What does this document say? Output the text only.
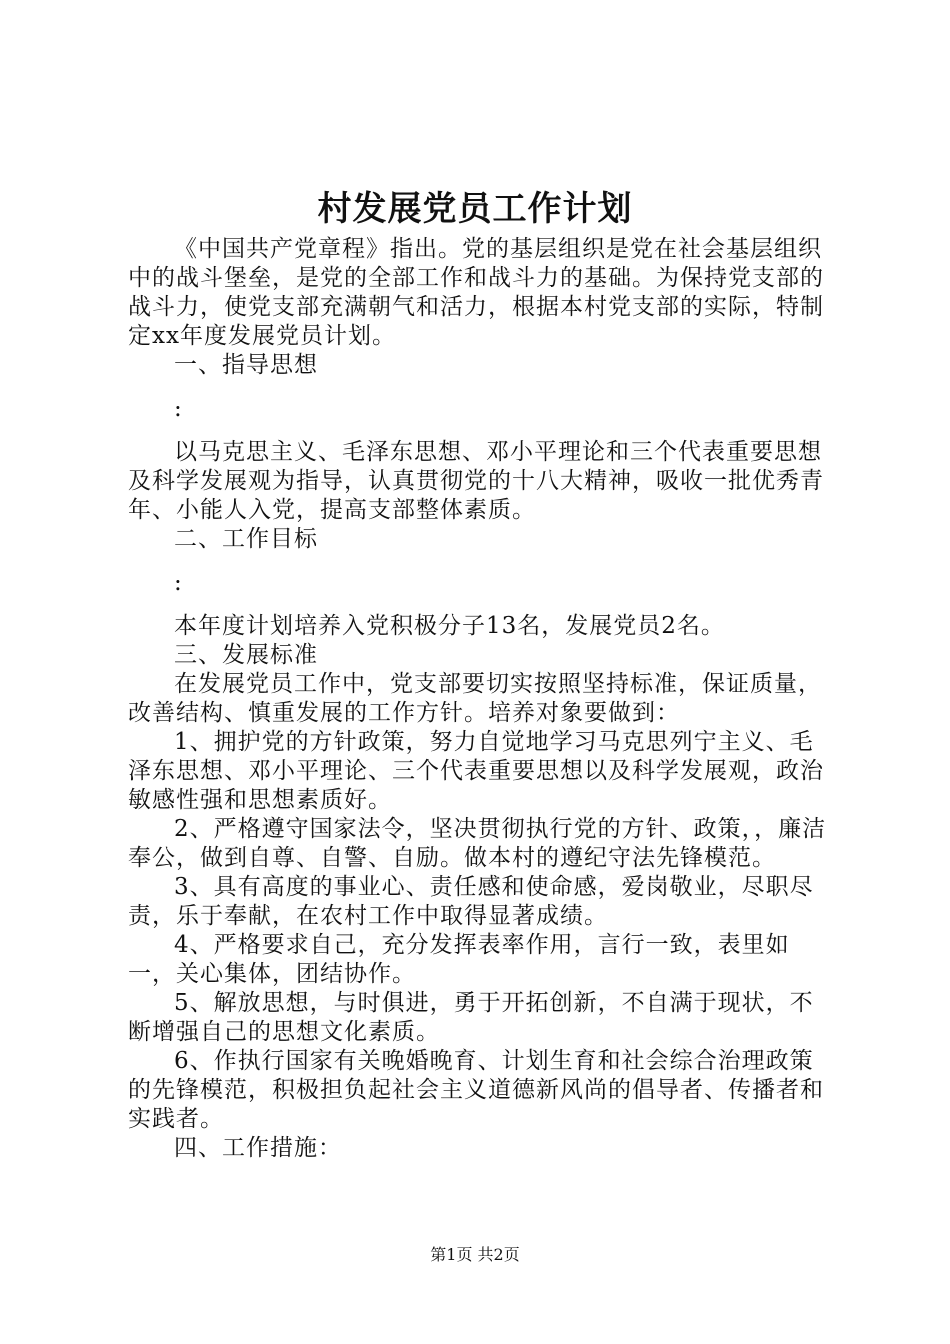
村发展党员工作计划

《中国共产党章程》指出。党的基层组织是党在社会基层组织中的战斗堡垒，是党的全部工作和战斗力的基础。为保持党支部的战斗力，使党支部充满朝气和活力，根据本村党支部的实际，特制定xx年度发展党员计划。

一、指导思想

:

以马克思主义、毛泽东思想、邓小平理论和三个代表重要思想及科学发展观为指导，认真贯彻党的十八大精神，吸收一批优秀青年、小能人入党，提高支部整体素质。

二、工作目标

:

本年度计划培养入党积极分子13名，发展党员2名。

三、发展标准

在发展党员工作中，党支部要切实按照坚持标准，保证质量，改善结构、慎重发展的工作方针。培养对象要做到：

1、拥护党的方针政策，努力自觉地学习马克思列宁主义、毛泽东思想、邓小平理论、三个代表重要思想以及科学发展观，政治敏感性强和思想素质好。

2、严格遵守国家法令，坚决贯彻执行党的方针、政策，，廉洁奉公，做到自尊、自警、自励。做本村的遵纪守法先锋模范。

3、具有高度的事业心、责任感和使命感，爱岗敬业，尽职尽责，乐于奉献，在农村工作中取得显著成绩。

4、严格要求自己，充分发挥表率作用，言行一致，表里如一，关心集体，团结协作。

5、解放思想，与时俱进，勇于开拓创新，不自满于现状，不断增强自己的思想文化素质。

6、作执行国家有关晚婚晚育、计划生育和社会综合治理政策的先锋模范，积极担负起社会主义道德新风尚的倡导者、传播者和实践者。

四、工作措施：

第1页 共2页
